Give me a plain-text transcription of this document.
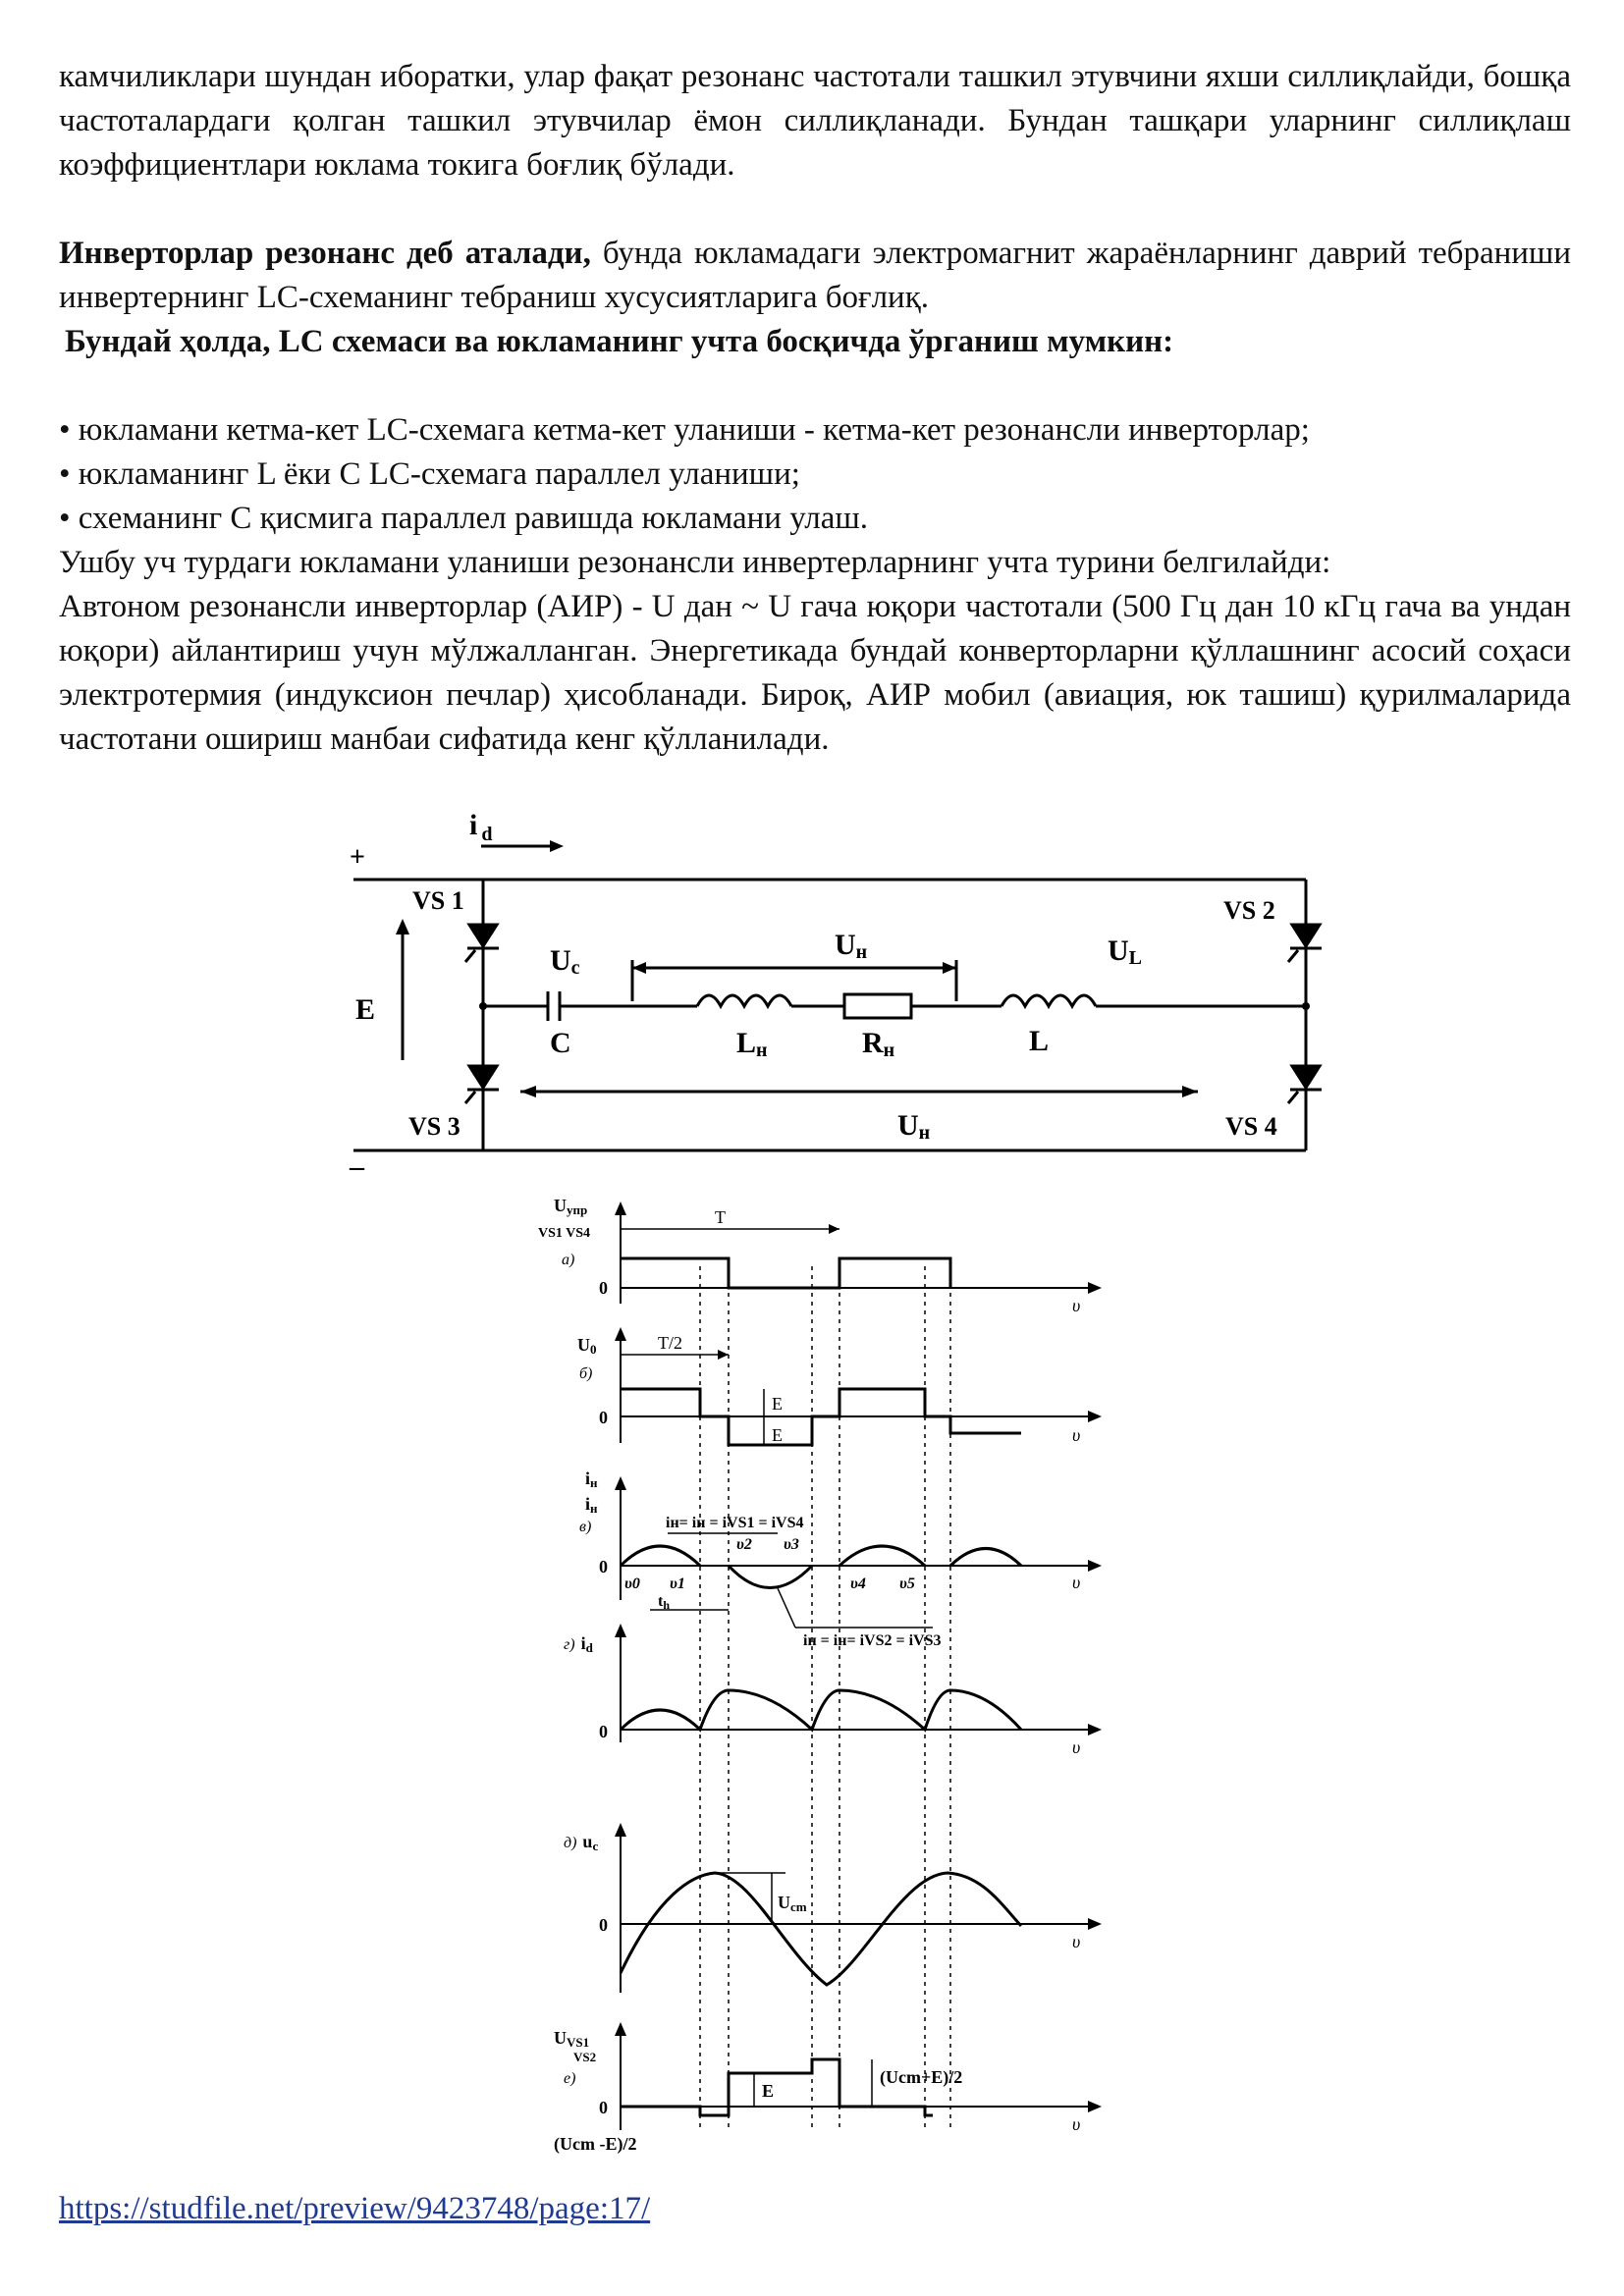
камчиликлари шундан иборатки, улар фақат резонанс частотали ташкил этувчини яхши силлиқлайди, бошқа частоталардаги қолган ташкил этувчилар ёмон силлиқланади. Бундан ташқари уларнинг силлиқлаш коэффициентлари юклама токига боғлиқ бўлади.

Инверторлар резонанс деб аталади, бунда юкламадаги электромагнит жараёнларнинг даврий тебраниши инвертернинг LC-схеманинг тебраниш хусусиятларига боғлиқ.

Бундай ҳолда, LC схемаси ва юкламанинг учта босқичда ўрганиш мумкин:

• юкламани кетма-кет LC-схемага кетма-кет уланиши - кетма-кет резонансли инверторлар;

• юкламанинг L ёки С LC-схемага параллел уланиши;

• схеманинг С қисмига параллел равишда юкламани улаш.

Ушбу уч турдаги юкламани уланиши резонансли инвертерларнинг учта турини белгилайди:

Автоном резонансли инверторлар (АИР) - U дан ~ U гача юқори частотали (500 Гц дан 10 кГц гача ва ундан юқори) айлантириш учун мўлжалланган. Энергетикада бундай конверторларни қўллашнинг асосий соҳаси электротермия (индуксион печлар) ҳисобланади. Бироқ, АИР мобил (авиация, юк ташиш) қурилмаларида частотани ошириш манбаи сифатида кенг қўлланилади.

i $_d$
+
–
E
VS 1	VS 2
VS 3	VS 4
Uc
Uн	UL
C	Lн	Rн	L
Uн
Uупр
VS1 VS4
а)
0
T
υ
U0
б)
0
T/2
E
E	υ
iн
iн
в)
0
iн= iн = iVS1 = iVS4
iн = iн= iVS2 = iVS3
υ0 υ1
υ2 υ3
υ4 υ5
th
υ
г) id
0
υ
д) uc
0
Ucm
υ
UVS1
VS2
е)
0
E
(Ucm+E)/2
(Ucm -E)/2
υ
https://studfile.net/preview/9423748/page:17/
